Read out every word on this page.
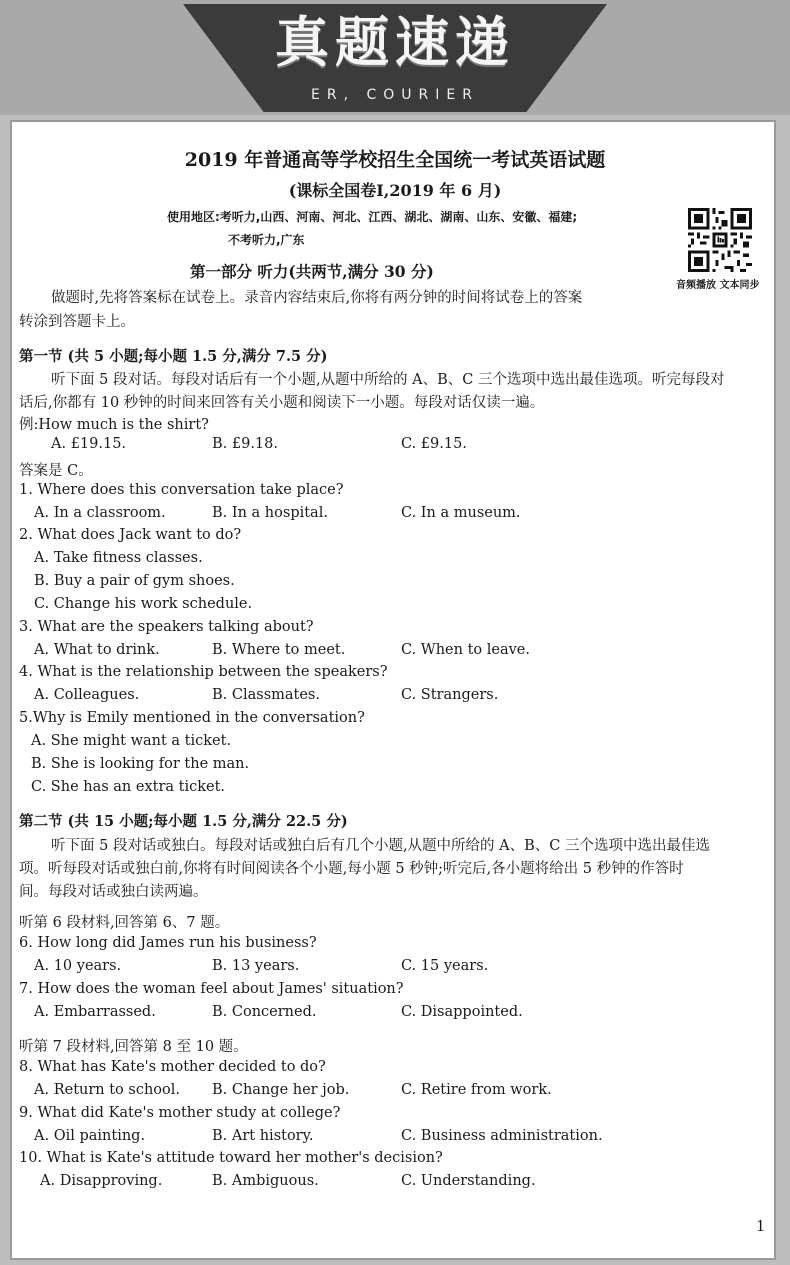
真题速递
ER, COURIER
2019 年普通高等学校招生全国统一考试英语试题
(课标全国卷Ⅰ,2019 年 6 月)
使用地区:考听力,山西、河南、河北、江西、湖北、湖南、山东、安徽、福建;
不考听力,广东
音频播放 文本同步
第一部分 听力(共两节,满分 30 分)
做题时,先将答案标在试卷上。录音内容结束后,你将有两分钟的时间将试卷上的答案
转涂到答题卡上。
第一节 (共 5 小题;每小题 1.5 分,满分 7.5 分)
听下面 5 段对话。每段对话后有一个小题,从题中所给的 A、B、C 三个选项中选出最佳选项。听完每段对
话后,你都有 10 秒钟的时间来回答有关小题和阅读下一小题。每段对话仅读一遍。
例:How much is the shirt?
A. £19.15.	B. £9.18.	C. £9.15.
答案是 C。
1. Where does this conversation take place?
A. In a classroom.	B. In a hospital.	C. In a museum.
2. What does Jack want to do?
A. Take fitness classes.
B. Buy a pair of gym shoes.
C. Change his work schedule.
3. What are the speakers talking about?
A. What to drink.	B. Where to meet.	C. When to leave.
4. What is the relationship between the speakers?
A. Colleagues.	B. Classmates.	C. Strangers.
5.Why is Emily mentioned in the conversation?
A. She might want a ticket.
B. She is looking for the man.
C. She has an extra ticket.
第二节 (共 15 小题;每小题 1.5 分,满分 22.5 分)
听下面 5 段对话或独白。每段对话或独白后有几个小题,从题中所给的 A、B、C 三个选项中选出最佳选
项。听每段对话或独白前,你将有时间阅读各个小题,每小题 5 秒钟;听完后,各小题将给出 5 秒钟的作答时
间。每段对话或独白读两遍。
听第 6 段材料,回答第 6、7 题。
6. How long did James run his business?
A. 10 years.	B. 13 years.	C. 15 years.
7. How does the woman feel about James' situation?
A. Embarrassed.	B. Concerned.	C. Disappointed.
听第 7 段材料,回答第 8 至 10 题。
8. What has Kate's mother decided to do?
A. Return to school. B. Change her job.	C. Retire from work.
9. What did Kate's mother study at college?
A. Oil painting.	B. Art history.	C. Business administration.
10. What is Kate's attitude toward her mother's decision?
A. Disapproving.	B. Ambiguous.	C. Understanding.
1
